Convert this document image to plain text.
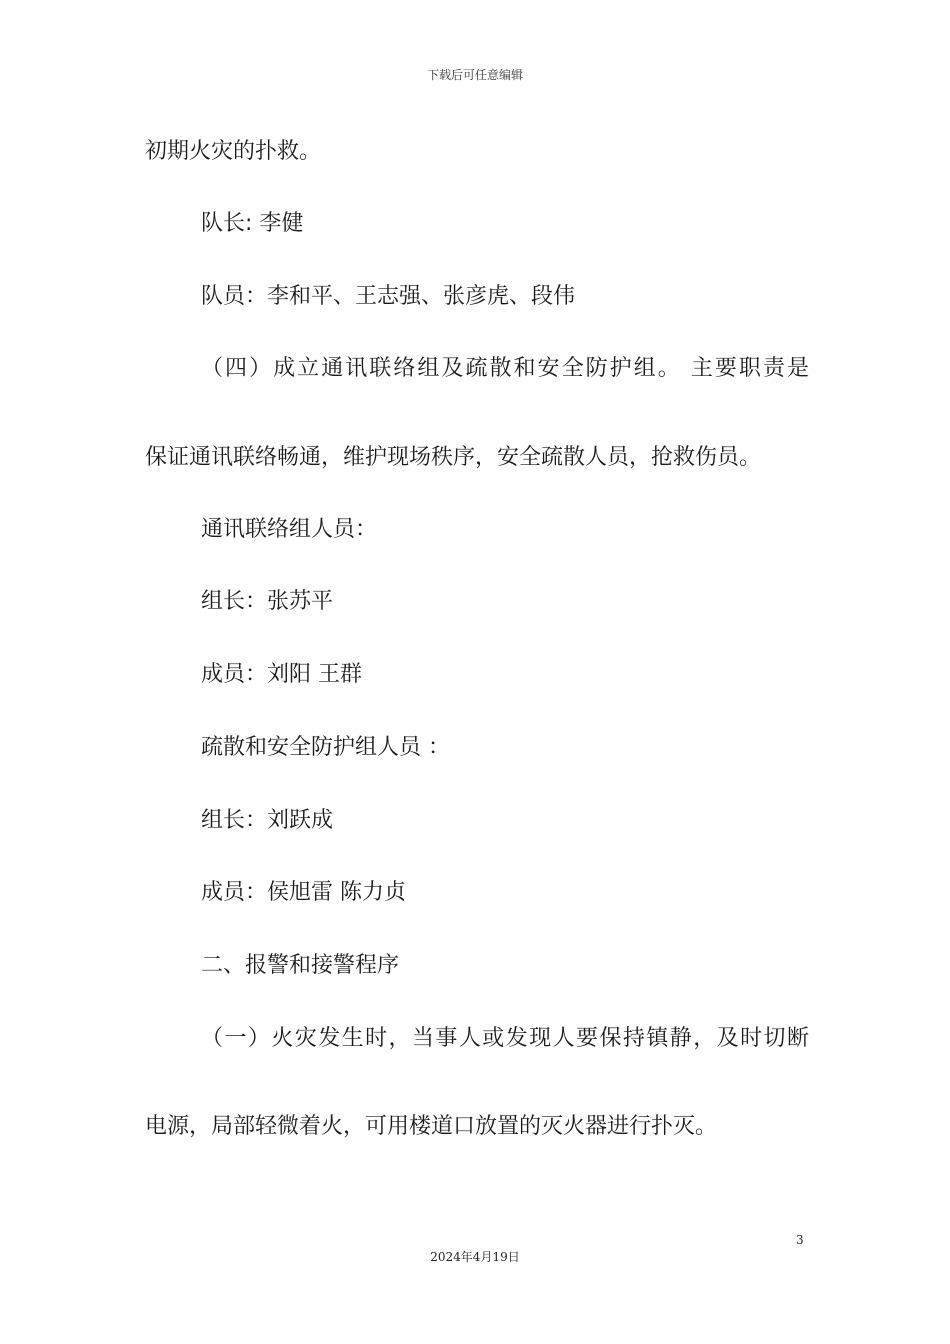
下载后可任意编辑
初期火灾的扑救。
队长: 李健
队员：李和平、王志强、张彦虎、段伟
（四）成立通讯联络组及疏散和安全防护组。 主要职责是
保证通讯联络畅通，维护现场秩序，安全疏散人员，抢救伤员。
通讯联络组人员：
组长：张苏平
成员：刘阳 王群
疏散和安全防护组人员 ：
组长：刘跃成
成员：侯旭雷 陈力贞
二、报警和接警程序
（一）火灾发生时，当事人或发现人要保持镇静，及时切断
电源，局部轻微着火，可用楼道口放置的灭火器进行扑灭。
3
2024年4月19日
